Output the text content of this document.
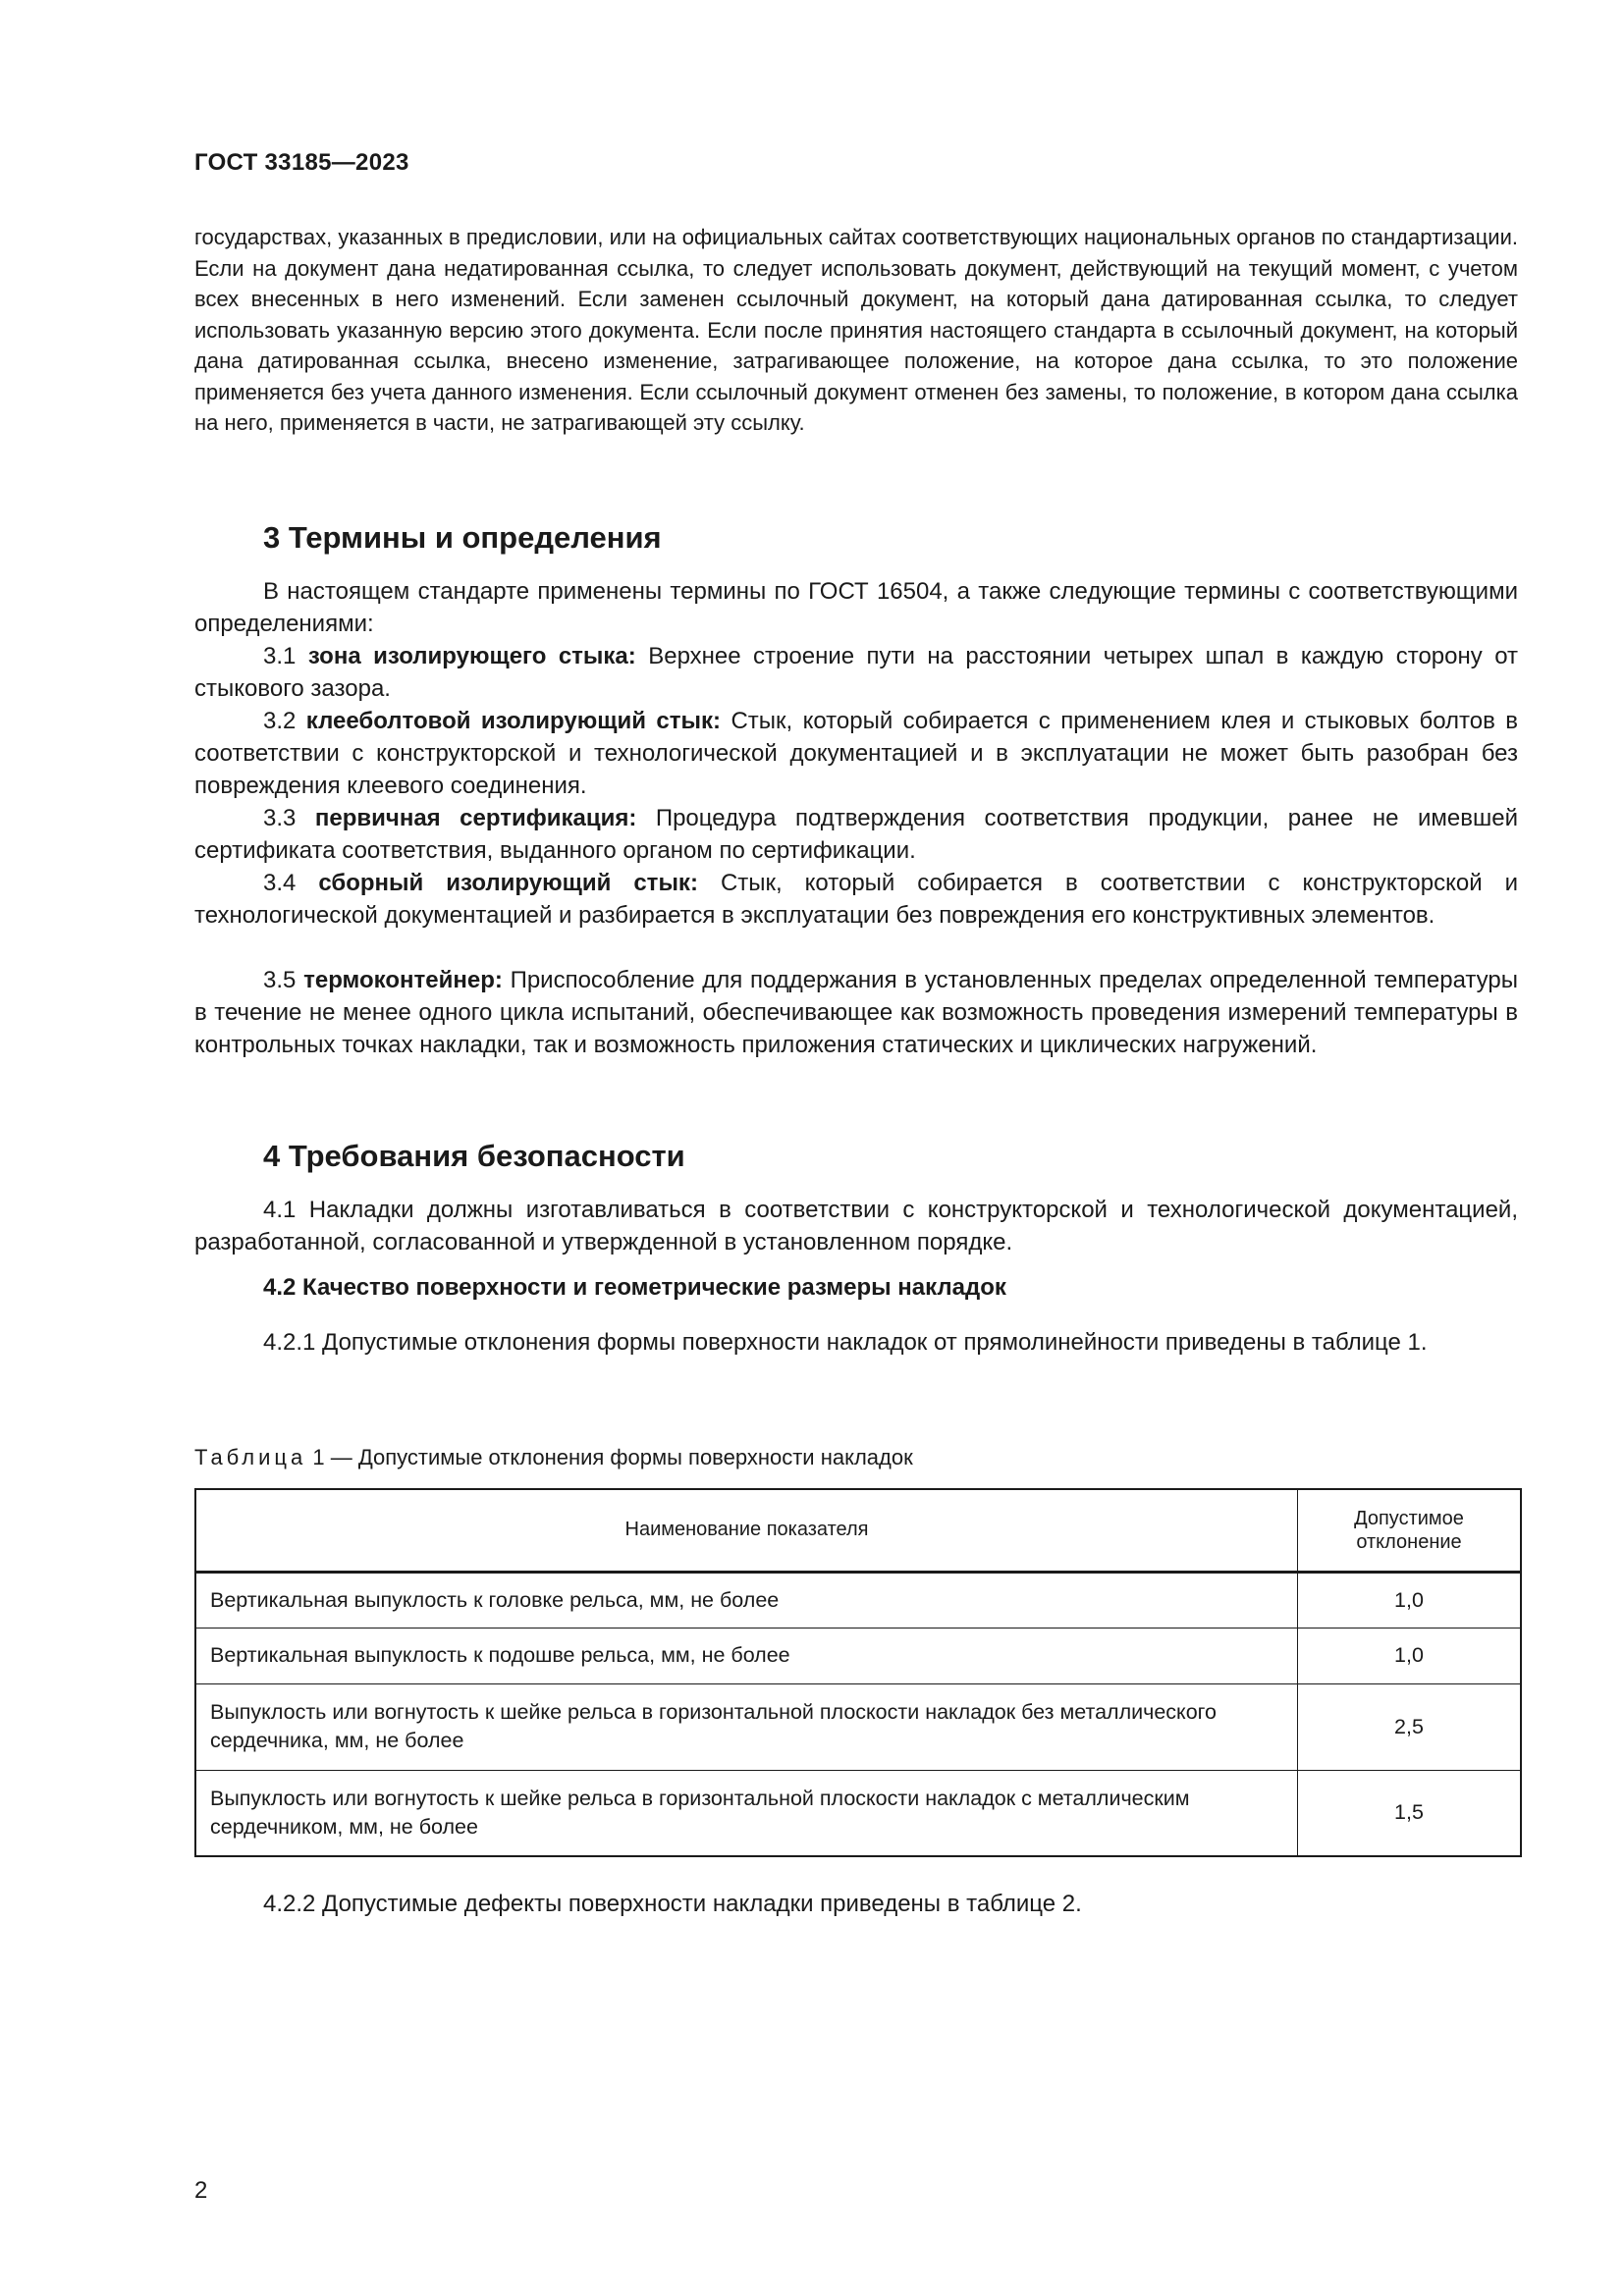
ГОСТ 33185—2023
государствах, указанных в предисловии, или на официальных сайтах соответствующих национальных органов по стандартизации. Если на документ дана недатированная ссылка, то следует использовать документ, действующий на текущий момент, с учетом всех внесенных в него изменений. Если заменен ссылочный документ, на который дана датированная ссылка, то следует использовать указанную версию этого документа. Если после принятия настоящего стандарта в ссылочный документ, на который дана датированная ссылка, внесено изменение, затрагивающее положение, на которое дана ссылка, то это положение применяется без учета данного изменения. Если ссылочный документ отменен без замены, то положение, в котором дана ссылка на него, применяется в части, не затрагивающей эту ссылку.
3 Термины и определения
В настоящем стандарте применены термины по ГОСТ 16504, а также следующие термины с соответствующими определениями:
3.1 зона изолирующего стыка: Верхнее строение пути на расстоянии четырех шпал в каждую сторону от стыкового зазора.
3.2 клееболтовой изолирующий стык: Стык, который собирается с применением клея и стыковых болтов в соответствии с конструкторской и технологической документацией и в эксплуатации не может быть разобран без повреждения клеевого соединения.
3.3 первичная сертификация: Процедура подтверждения соответствия продукции, ранее не имевшей сертификата соответствия, выданного органом по сертификации.
3.4 сборный изолирующий стык: Стык, который собирается в соответствии с конструкторской и технологической документацией и разбирается в эксплуатации без повреждения его конструктивных элементов.
3.5 термоконтейнер: Приспособление для поддержания в установленных пределах определенной температуры в течение не менее одного цикла испытаний, обеспечивающее как возможность проведения измерений температуры в контрольных точках накладки, так и возможность приложения статических и циклических нагружений.
4 Требования безопасности
4.1 Накладки должны изготавливаться в соответствии с конструкторской и технологической документацией, разработанной, согласованной и утвержденной в установленном порядке.
4.2 Качество поверхности и геометрические размеры накладок
4.2.1 Допустимые отклонения формы поверхности накладок от прямолинейности приведены в таблице 1.
Таблица 1 — Допустимые отклонения формы поверхности накладок
Наименование показателя	Допустимое отклонение
Вертикальная выпуклость к головке рельса, мм, не более	1,0
Вертикальная выпуклость к подошве рельса, мм, не более	1,0
Выпуклость или вогнутость к шейке рельса в горизонтальной плоскости накладок без металлического сердечника, мм, не более	2,5
Выпуклость или вогнутость к шейке рельса в горизонтальной плоскости накладок с металлическим сердечником, мм, не более	1,5
4.2.2 Допустимые дефекты поверхности накладки приведены в таблице 2.
2
